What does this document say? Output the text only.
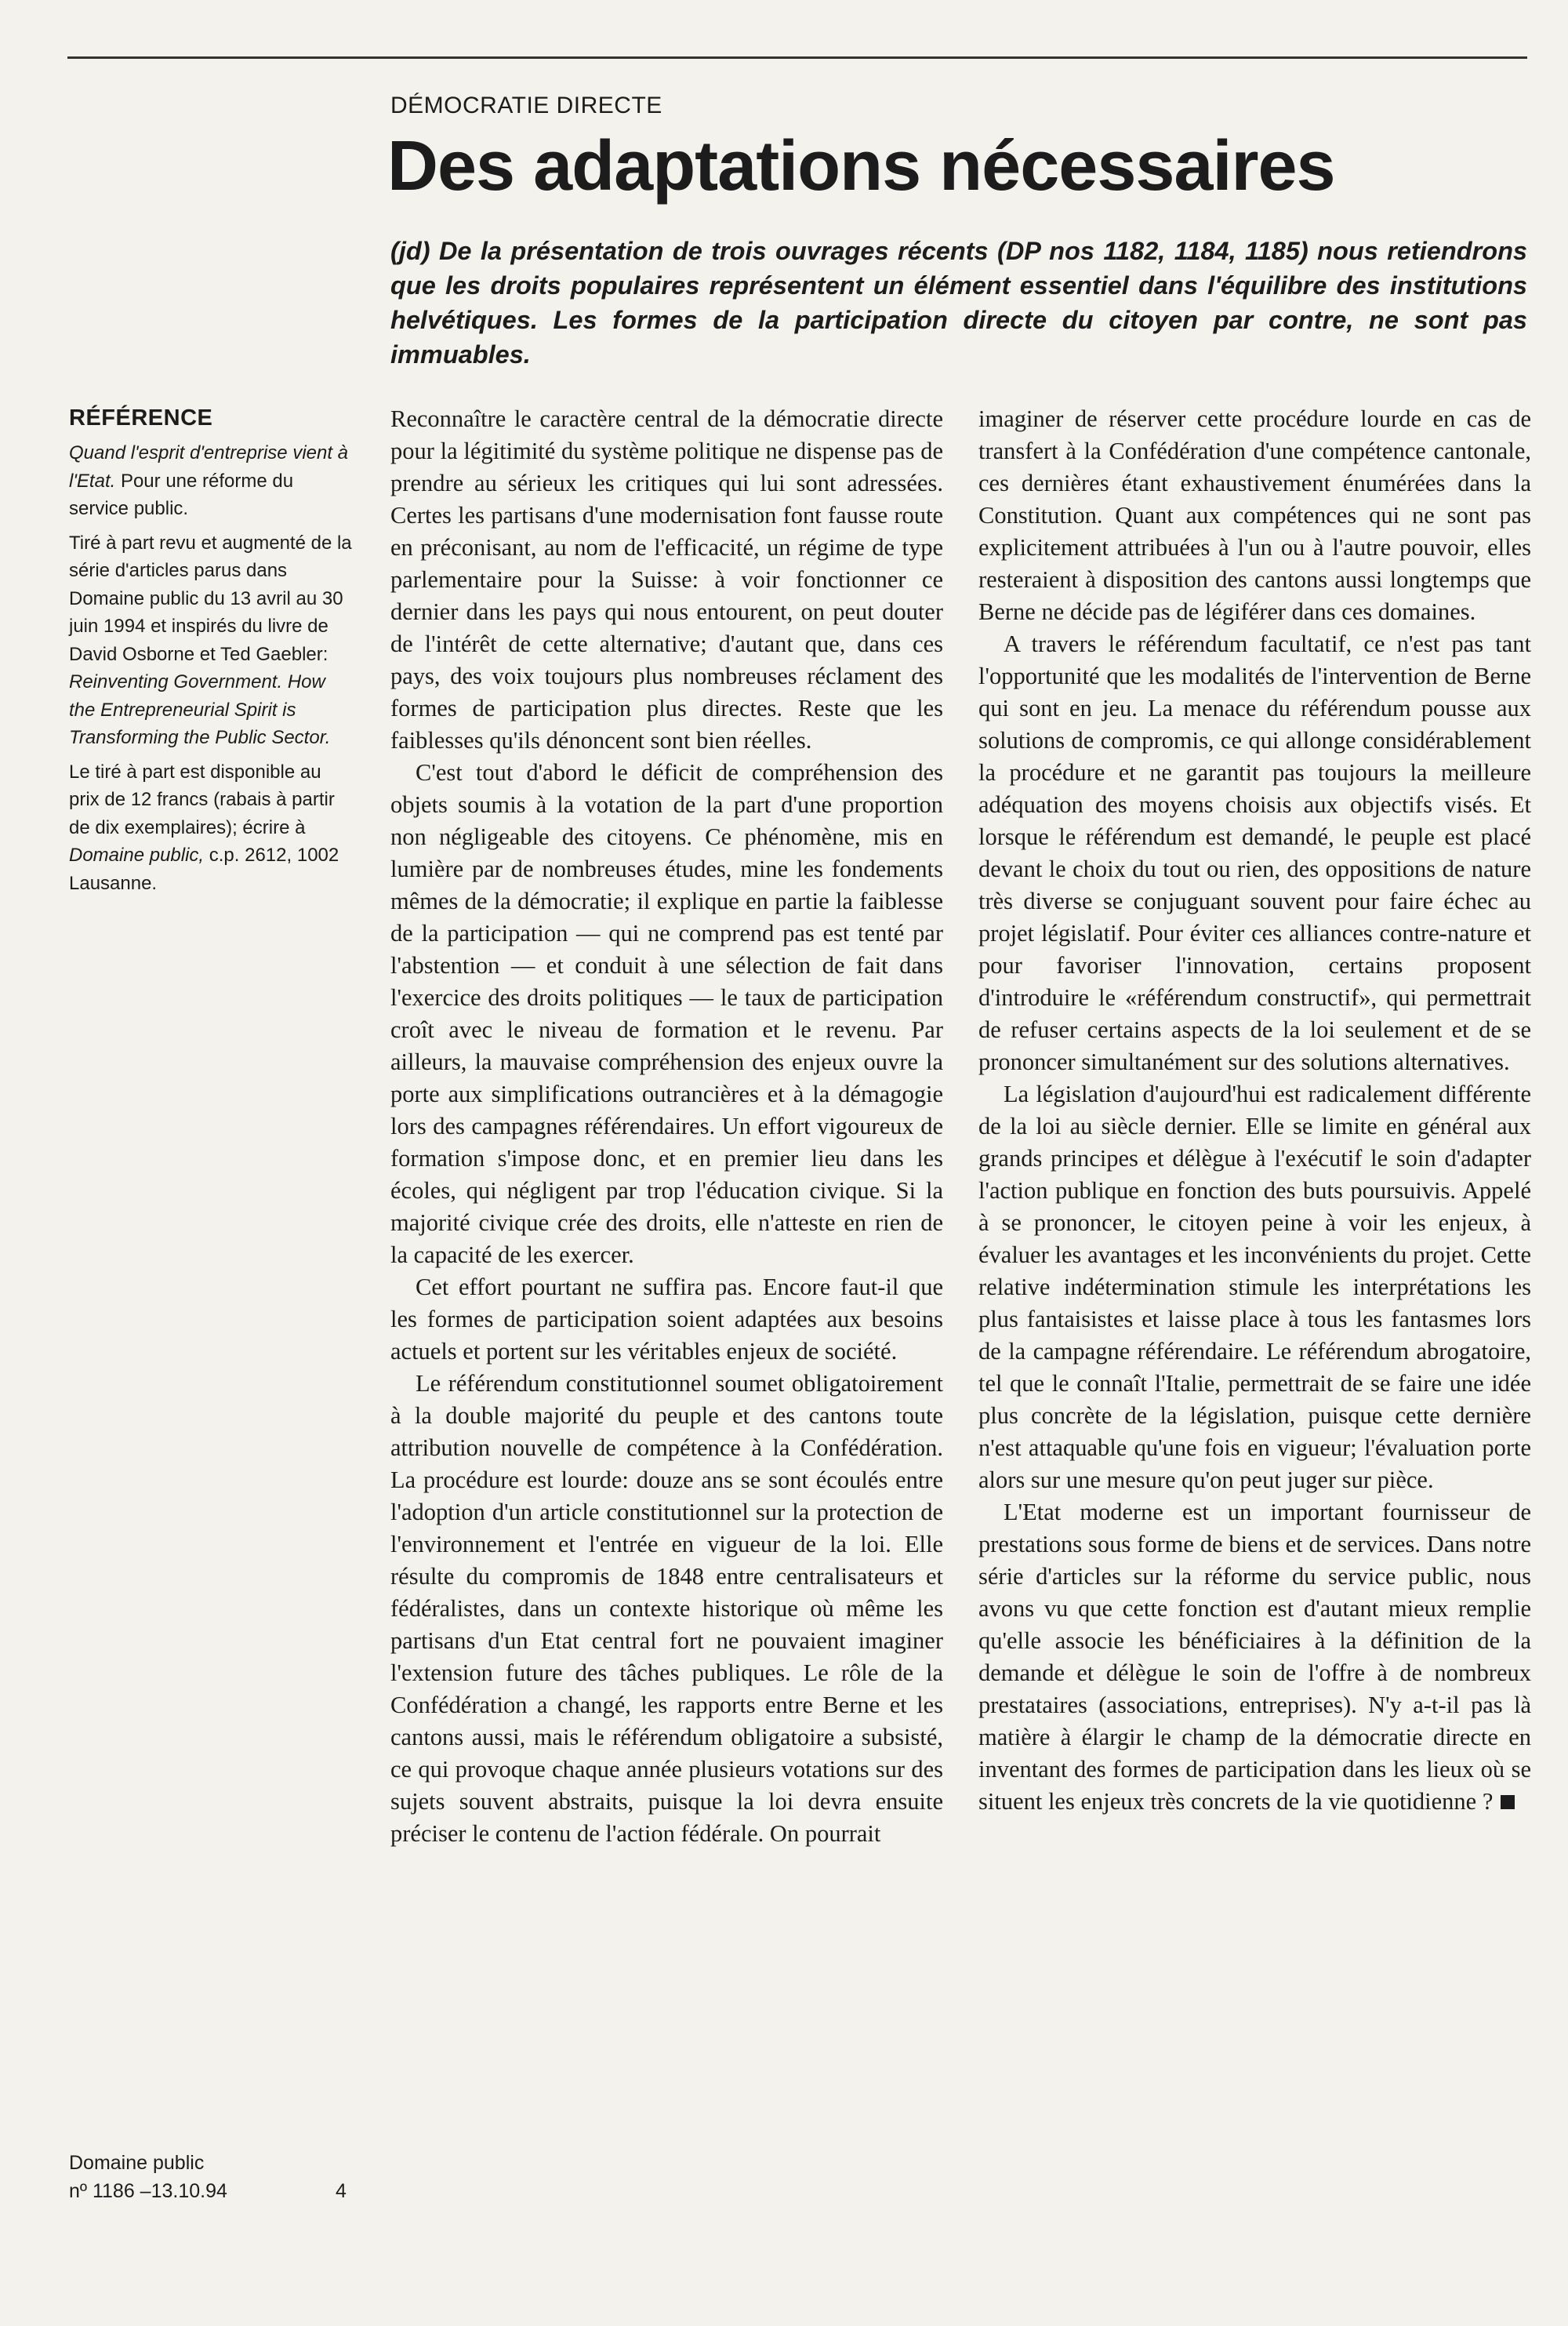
DÉMOCRATIE DIRECTE
Des adaptations nécessaires

(jd) De la présentation de trois ouvrages récents (DP nos 1182, 1184, 1185) nous retiendrons que les droits populaires représentent un élément essentiel dans l'équilibre des institutions helvétiques. Les formes de la participation directe du citoyen par contre, ne sont pas immuables.

RÉFÉRENCE

Quand l'esprit d'entreprise vient à l'Etat. Pour une réforme du service public.

Tiré à part revu et augmenté de la série d'articles parus dans Domaine public du 13 avril au 30 juin 1994 et inspirés du livre de David Osborne et Ted Gaebler: Reinventing Government. How the Entrepreneurial Spirit is Transforming the Public Sector.

Le tiré à part est disponible au prix de 12 francs (rabais à partir de dix exemplaires); écrire à Domaine public, c.p. 2612, 1002 Lausanne.

Domaine public
nº 1186 –13.10.94	4

Reconnaître le caractère central de la démocratie directe pour la légitimité du système politique ne dispense pas de prendre au sérieux les critiques qui lui sont adressées. Certes les partisans d'une modernisation font fausse route en préconisant, au nom de l'efficacité, un régime de type parlementaire pour la Suisse: à voir fonctionner ce dernier dans les pays qui nous entourent, on peut douter de l'intérêt de cette alternative; d'autant que, dans ces pays, des voix toujours plus nombreuses réclament des formes de participation plus directes. Reste que les faiblesses qu'ils dénoncent sont bien réelles.

C'est tout d'abord le déficit de compréhension des objets soumis à la votation de la part d'une proportion non négligeable des citoyens. Ce phénomène, mis en lumière par de nombreuses études, mine les fondements mêmes de la démocratie; il explique en partie la faiblesse de la participation — qui ne comprend pas est tenté par l'abstention — et conduit à une sélection de fait dans l'exercice des droits politiques — le taux de participation croît avec le niveau de formation et le revenu. Par ailleurs, la mauvaise compréhension des enjeux ouvre la porte aux simplifications outrancières et à la démagogie lors des campagnes référendaires. Un effort vigoureux de formation s'impose donc, et en premier lieu dans les écoles, qui négligent par trop l'éducation civique. Si la majorité civique crée des droits, elle n'atteste en rien de la capacité de les exercer.

Cet effort pourtant ne suffira pas. Encore faut-il que les formes de participation soient adaptées aux besoins actuels et portent sur les véritables enjeux de société.

Le référendum constitutionnel soumet obligatoirement à la double majorité du peuple et des cantons toute attribution nouvelle de compétence à la Confédération. La procédure est lourde: douze ans se sont écoulés entre l'adoption d'un article constitutionnel sur la protection de l'environnement et l'entrée en vigueur de la loi. Elle résulte du compromis de 1848 entre centralisateurs et fédéralistes, dans un contexte historique où même les partisans d'un Etat central fort ne pouvaient imaginer l'extension future des tâches publiques. Le rôle de la Confédération a changé, les rapports entre Berne et les cantons aussi, mais le référendum obligatoire a subsisté, ce qui provoque chaque année plusieurs votations sur des sujets souvent abstraits, puisque la loi devra ensuite préciser le contenu de l'action fédérale. On pourrait

imaginer de réserver cette procédure lourde en cas de transfert à la Confédération d'une compétence cantonale, ces dernières étant exhaustivement énumérées dans la Constitution. Quant aux compétences qui ne sont pas explicitement attribuées à l'un ou à l'autre pouvoir, elles resteraient à disposition des cantons aussi longtemps que Berne ne décide pas de légiférer dans ces domaines.

A travers le référendum facultatif, ce n'est pas tant l'opportunité que les modalités de l'intervention de Berne qui sont en jeu. La menace du référendum pousse aux solutions de compromis, ce qui allonge considérablement la procédure et ne garantit pas toujours la meilleure adéquation des moyens choisis aux objectifs visés. Et lorsque le référendum est demandé, le peuple est placé devant le choix du tout ou rien, des oppositions de nature très diverse se conjuguant souvent pour faire échec au projet législatif. Pour éviter ces alliances contre-nature et pour favoriser l'innovation, certains proposent d'introduire le «référendum constructif», qui permettrait de refuser certains aspects de la loi seulement et de se prononcer simultanément sur des solutions alternatives.

La législation d'aujourd'hui est radicalement différente de la loi au siècle dernier. Elle se limite en général aux grands principes et délègue à l'exécutif le soin d'adapter l'action publique en fonction des buts poursuivis. Appelé à se prononcer, le citoyen peine à voir les enjeux, à évaluer les avantages et les inconvénients du projet. Cette relative indétermination stimule les interprétations les plus fantaisistes et laisse place à tous les fantasmes lors de la campagne référendaire. Le référendum abrogatoire, tel que le connaît l'Italie, permettrait de se faire une idée plus concrète de la législation, puisque cette dernière n'est attaquable qu'une fois en vigueur; l'évaluation porte alors sur une mesure qu'on peut juger sur pièce.

L'Etat moderne est un important fournisseur de prestations sous forme de biens et de services. Dans notre série d'articles sur la réforme du service public, nous avons vu que cette fonction est d'autant mieux remplie qu'elle associe les bénéficiaires à la définition de la demande et délègue le soin de l'offre à de nombreux prestataires (associations, entreprises). N'y a-t-il pas là matière à élargir le champ de la démocratie directe en inventant des formes de participation dans les lieux où se situent les enjeux très concrets de la vie quotidienne ?
